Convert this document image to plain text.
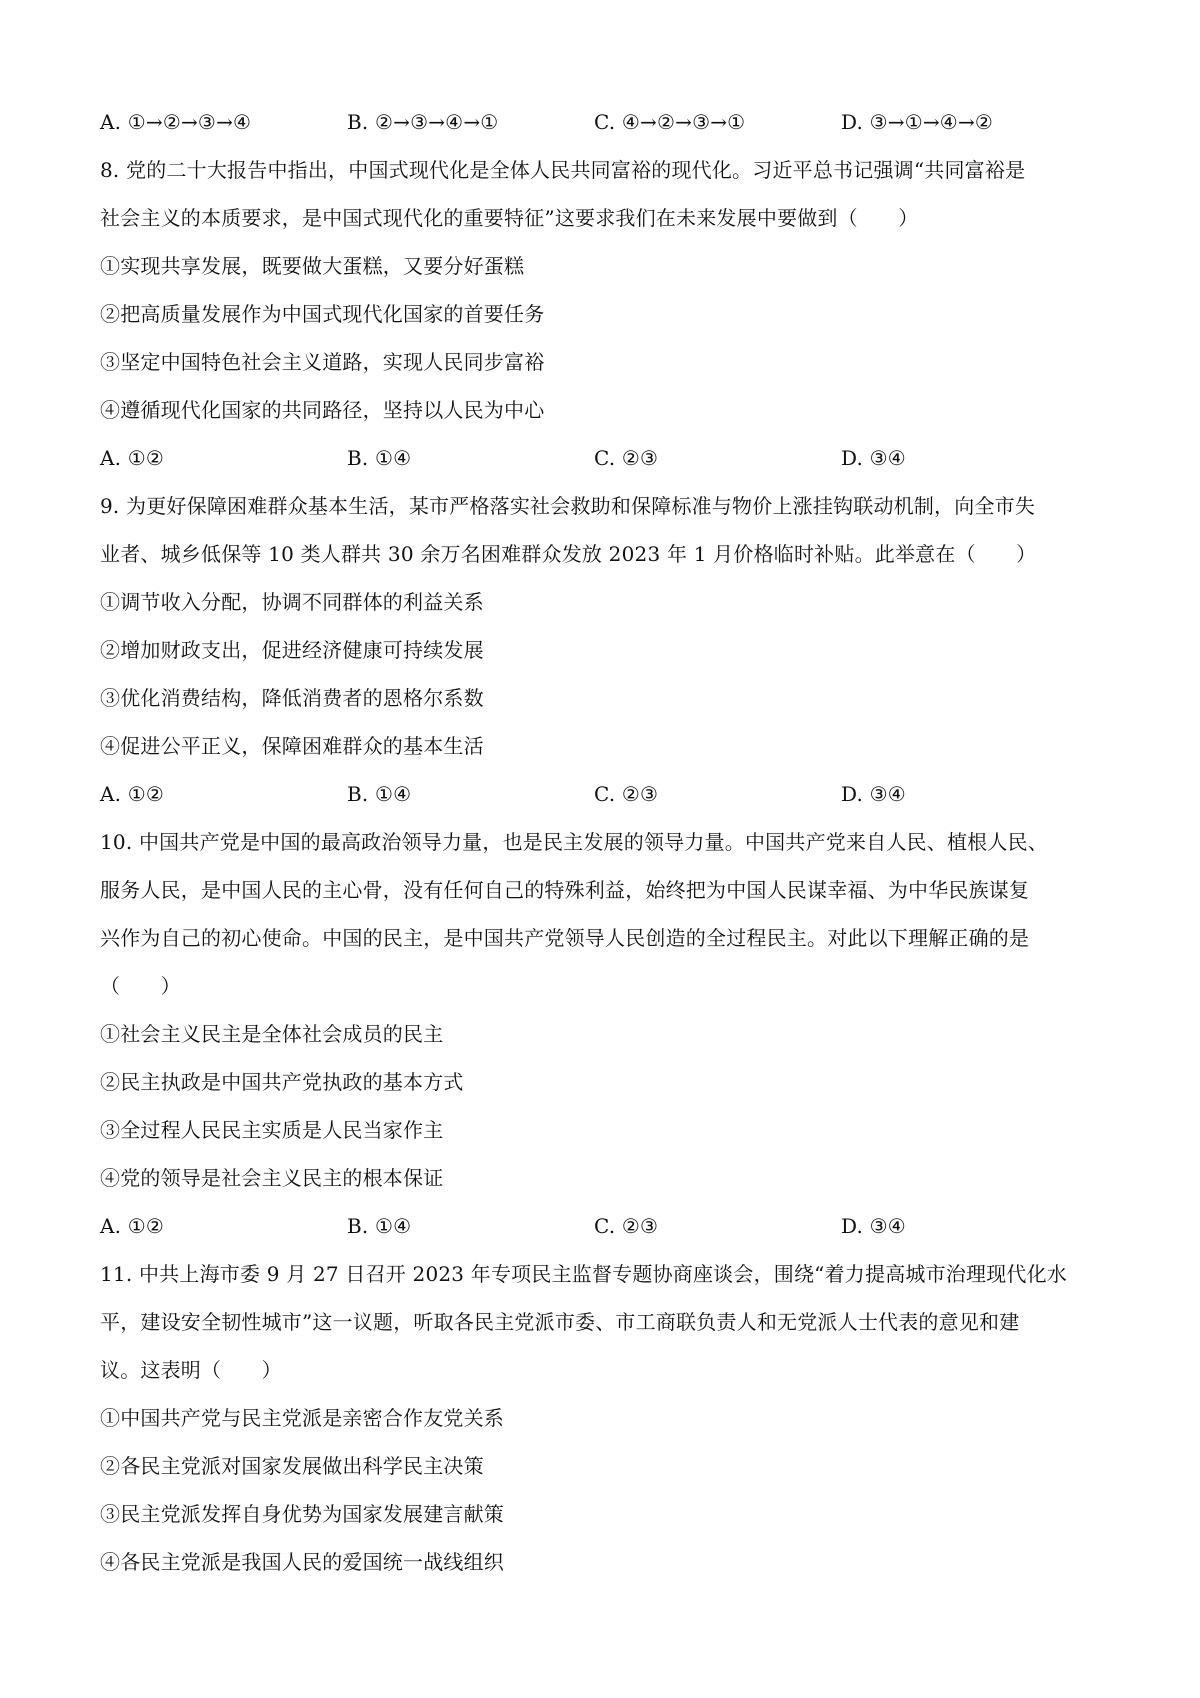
A. ①→②→③→④	B. ②→③→④→①	C. ④→②→③→①	D. ③→①→④→②
8. 党的二十大报告中指出，中国式现代化是全体人民共同富裕的现代化。习近平总书记强调“共同富裕是
社会主义的本质要求，是中国式现代化的重要特征”这要求我们在未来发展中要做到（　　）
①实现共享发展，既要做大蛋糕，又要分好蛋糕
②把高质量发展作为中国式现代化国家的首要任务
③坚定中国特色社会主义道路，实现人民同步富裕
④遵循现代化国家的共同路径，坚持以人民为中心
A. ①②	B. ①④	C. ②③	D. ③④
9. 为更好保障困难群众基本生活，某市严格落实社会救助和保障标准与物价上涨挂钩联动机制，向全市失
业者、城乡低保等 10 类人群共 30 余万名困难群众发放 2023 年 1 月价格临时补贴。此举意在（　　）
①调节收入分配，协调不同群体的利益关系
②增加财政支出，促进经济健康可持续发展
③优化消费结构，降低消费者的恩格尔系数
④促进公平正义，保障困难群众的基本生活
A. ①②	B. ①④	C. ②③	D. ③④
10. 中国共产党是中国的最高政治领导力量，也是民主发展的领导力量。中国共产党来自人民、植根人民、
服务人民，是中国人民的主心骨，没有任何自己的特殊利益，始终把为中国人民谋幸福、为中华民族谋复
兴作为自己的初心使命。中国的民主，是中国共产党领导人民创造的全过程民主。对此以下理解正确的是
（　　）
①社会主义民主是全体社会成员的民主
②民主执政是中国共产党执政的基本方式
③全过程人民民主实质是人民当家作主
④党的领导是社会主义民主的根本保证
A. ①②	B. ①④	C. ②③	D. ③④
11. 中共上海市委 9 月 27 日召开 2023 年专项民主监督专题协商座谈会，围绕“着力提高城市治理现代化水
平，建设安全韧性城市”这一议题，听取各民主党派市委、市工商联负责人和无党派人士代表的意见和建
议。这表明（　　）
①中国共产党与民主党派是亲密合作友党关系
②各民主党派对国家发展做出科学民主决策
③民主党派发挥自身优势为国家发展建言献策
④各民主党派是我国人民的爱国统一战线组织
